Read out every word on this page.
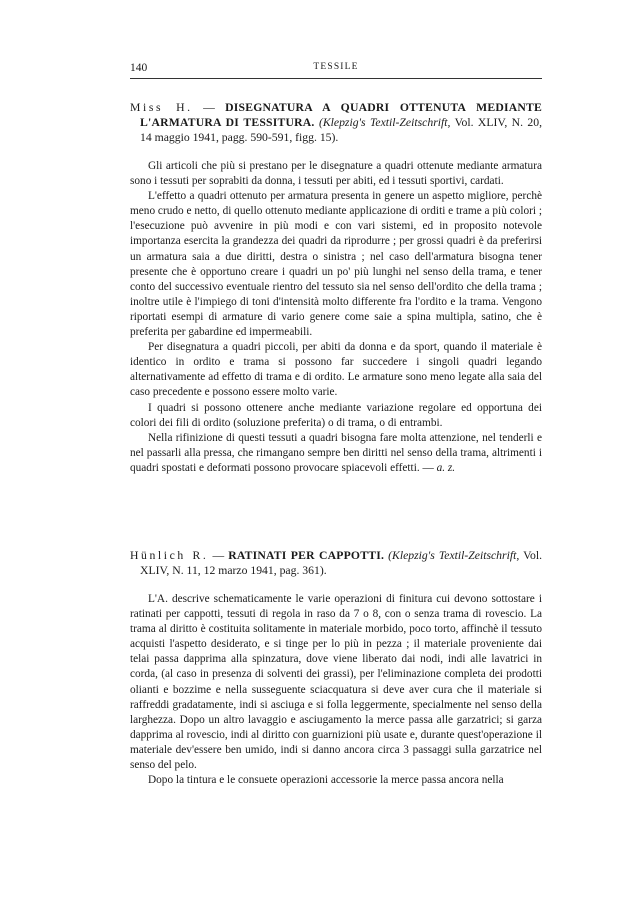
140	TESSILE

Miss H. — DISEGNATURA A QUADRI OTTENUTA MEDIANTE L'ARMATURA DI TESSITURA. (Klepzig's Textil-Zeitschrift, Vol. XLIV, N. 20, 14 maggio 1941, pagg. 590-591, figg. 15).

Gli articoli che più si prestano per le disegnature a quadri ottenute mediante armatura sono i tessuti per soprabiti da donna, i tessuti per abiti, ed i tessuti sportivi, cardati.

L'effetto a quadri ottenuto per armatura presenta in genere un aspetto migliore, perchè meno crudo e netto, di quello ottenuto mediante applicazione di orditi e trame a più colori ; l'esecuzione può avvenire in più modi e con vari sistemi, ed in proposito notevole importanza esercita la grandezza dei quadri da riprodurre ; per grossi quadri è da preferirsi un armatura saia a due diritti, destra o sinistra ; nel caso dell'armatura bisogna tener presente che è opportuno creare i quadri un po' più lunghi nel senso della trama, e tener conto del successivo eventuale rientro del tessuto sia nel senso dell'ordito che della trama ; inoltre utile è l'impiego di toni d'intensità molto differente fra l'ordito e la trama. Vengono riportati esempi di armature di vario genere come saie a spina multipla, satino, che è preferita per gabardine ed impermeabili.

Per disegnatura a quadri piccoli, per abiti da donna e da sport, quando il materiale è identico in ordito e trama si possono far succedere i singoli quadri legando alternativamente ad effetto di trama e di ordito. Le armature sono meno legate alla saia del caso precedente e possono essere molto varie.

I quadri si possono ottenere anche mediante variazione regolare ed opportuna dei colori dei fili di ordito (soluzione preferita) o di trama, o di entrambi.

Nella rifinizione di questi tessuti a quadri bisogna fare molta attenzione, nel tenderli e nel passarli alla pressa, che rimangano sempre ben diritti nel senso della trama, altrimenti i quadri spostati e deformati possono provocare spiacevoli effetti. — a. z.

Hünlich R. — RATINATI PER CAPPOTTI. (Klepzig's Textil-Zeitschrift, Vol. XLIV, N. 11, 12 marzo 1941, pag. 361).

L'A. descrive schematicamente le varie operazioni di finitura cui devono sottostare i ratinati per cappotti, tessuti di regola in raso da 7 o 8, con o senza trama di rovescio. La trama al diritto è costituita solitamente in materiale morbido, poco torto, affinchè il tessuto acquisti l'aspetto desiderato, e si tinge per lo più in pezza ; il materiale proveniente dai telai passa dapprima alla spinzatura, dove viene liberato dai nodi, indi alle lavatrici in corda, (al caso in presenza di solventi dei grassi), per l'eliminazione completa dei prodotti olianti e bozzime e nella susseguente sciacquatura si deve aver cura che il materiale si raffreddi gradatamente, indi si asciuga e si folla leggermente, specialmente nel senso della larghezza. Dopo un altro lavaggio e asciugamento la merce passa alle garzatrici; si garza dapprima al rovescio, indi al diritto con guarnizioni più usate e, durante quest'operazione il materiale dev'essere ben umido, indi si danno ancora circa 3 passaggi sulla garzatrice nel senso del pelo.

Dopo la tintura e le consuete operazioni accessorie la merce passa ancora nella
